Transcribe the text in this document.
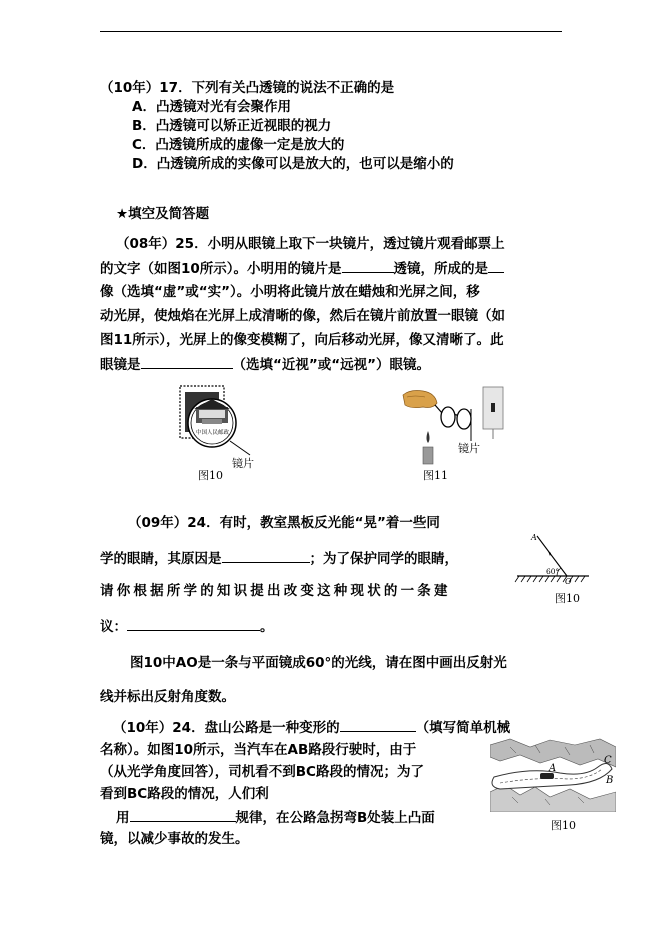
（10年）17．下列有关凸透镜的说法不正确的是
A．凸透镜对光有会聚作用
B．凸透镜可以矫正近视眼的视力
C．凸透镜所成的虚像一定是放大的
D．凸透镜所成的实像可以是放大的，也可以是缩小的
★填空及简答题
（08年）25．小明从眼镜上取下一块镜片，透过镜片观看邮票上
的文字（如图10所示）。小明用的镜片是	透镜，所成的是
像（选填“虚”或“实”）。小明将此镜片放在蜡烛和光屏之间，移
动光屏，使烛焰在光屏上成清晰的像，然后在镜片前放置一眼镜（如
图11所示），光屏上的像变模糊了，向后移动光屏，像又清晰了。此
眼镜是	（选填“近视”或“远视”）眼镜。
中国人民邮政
镜片
图10
镜片
图11
（09年）24．有时，教室黑板反光能“晃”着一些同
学的眼睛，其原因是	；为了保护同学的眼睛，
请你根据所学的知识提出改变这种现状的一条建
议：	。
图10中AO是一条与平面镜成60°的光线，请在图中画出反射光
线并标出反射角度数。
A
O
60°
图10
（10年）24．盘山公路是一种变形的	（填写简单机械
名称）。如图10所示，当汽车在AB路段行驶时，由于
（从光学角度回答），司机看不到BC路段的情况；为了
看到BC路段的情况，人们利
用	规律，在公路急拐弯B处装上凸面
镜，以减少事故的发生。
A
C
B
图10
